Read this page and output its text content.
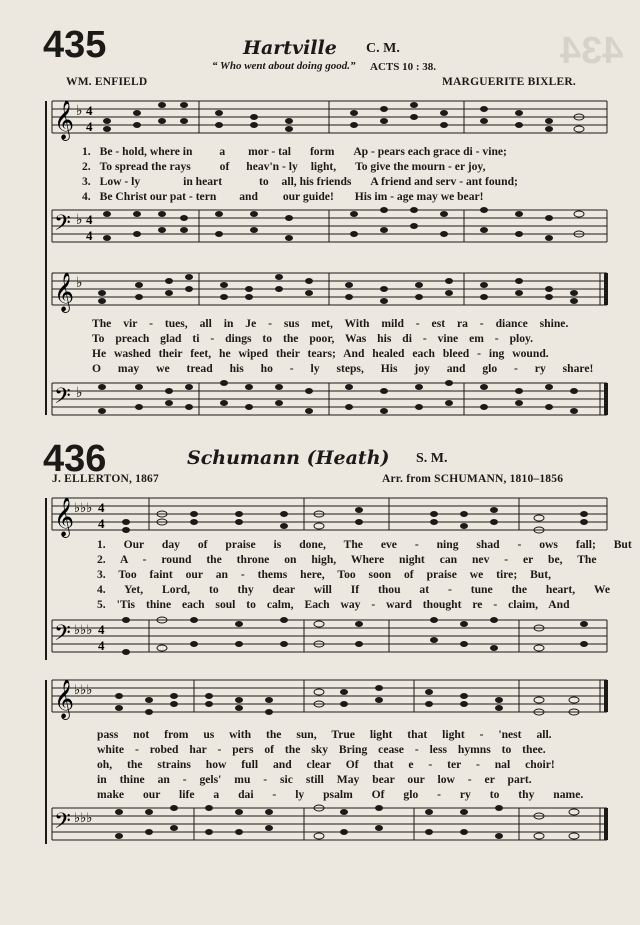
434
435	Hartville C. M.
“ Who went about doing good.” ACTS 10 : 38.
WM. ENFIELD	MARGUERITE BIXLER.
𝄞 ♭ 4
4
1. Be - hold, where in a mor - tal form Ap - pears each grace di - vine;
2. To spread the rays of heav'n - ly light, To give the mourn - er joy,
3. Low - ly	in heart	to all, his friends A friend and serv - ant found;
4. Be Christ our pat - tern and our guide! His im - age may we bear!
𝄢 ♭ 4
4
𝄞 ♭
The vir - tues, all in Je - sus met, With mild - est ra - diance shine.
To preach glad ti - dings to the poor, Was his di - vine em - ploy.
He washed their feet, he wiped their tears; And healed each bleed - ing wound.
O may we tread his ho - ly steps, His joy and glo - ry share!
𝄢 ♭
436	Schumann (Heath) S. M.
J. ELLERTON, 1867	Arr. from SCHUMANN, 1810–1856
𝄞 ♭♭♭ 4
4
1. Our day of praise is done, The eve - ning shad - ows fall; But
2. A - round the throne on high, Where night can nev - er be, The
3. Too faint our an - thems here, Too soon of praise we tire; But,
4. Yet, Lord, to thy dear will If thou at - tune the heart, We
5. 'Tis thine each soul to calm, Each way - ward thought re - claim, And
𝄢 ♭♭♭ 4
4
𝄞 ♭♭♭
pass not from us with the sun, True light that light - 'nest all.
white - robed har - pers of the sky Bring cease - less hymns to thee.
oh, the strains how full and clear Of that e - ter - nal choir!
in thine an - gels' mu - sic still May bear our low - er part.
make our life a dai - ly psalm Of glo - ry to thy name.
𝄢 ♭♭♭
